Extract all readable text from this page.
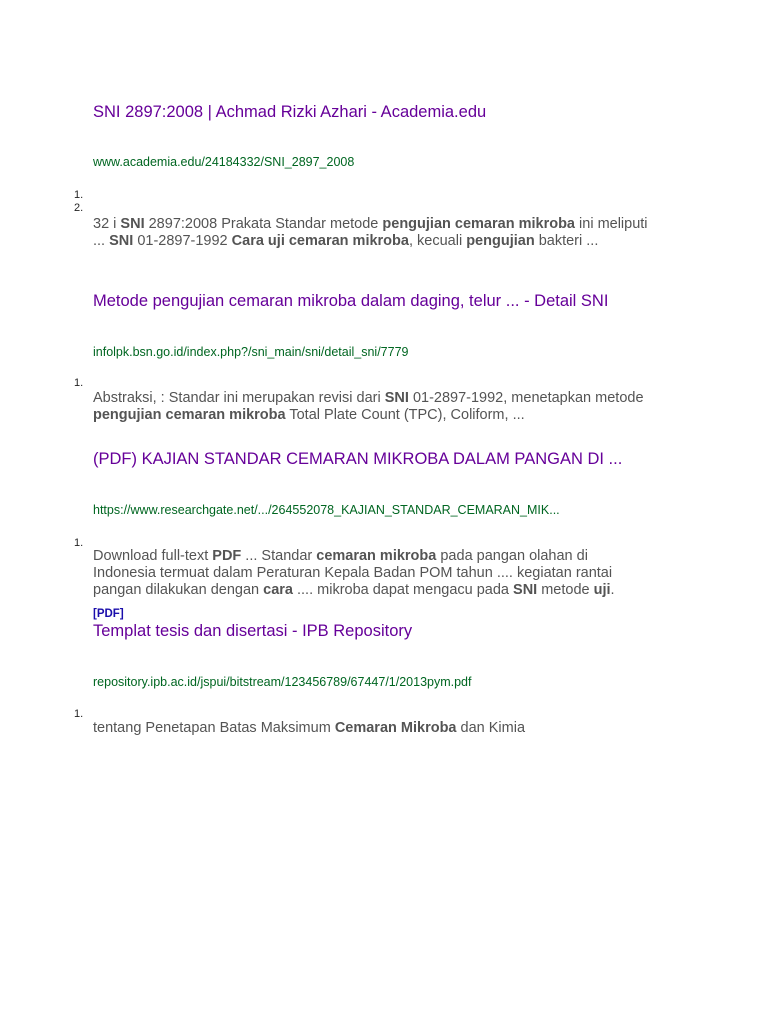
SNI 2897:2008 | Achmad Rizki Azhari - Academia.edu
www.academia.edu/24184332/SNI_2897_2008
1.
2.
32 i SNI 2897:2008 Prakata Standar metode pengujian cemaran mikroba ini meliputi ... SNI 01-2897-1992 Cara uji cemaran mikroba, kecuali pengujian bakteri ...
Metode pengujian cemaran mikroba dalam daging, telur ... - Detail SNI
infolpk.bsn.go.id/index.php?/sni_main/sni/detail_sni/7779
1.
Abstraksi, : Standar ini merupakan revisi dari SNI 01-2897-1992, menetapkan metode pengujian cemaran mikroba Total Plate Count (TPC), Coliform, ...
(PDF) KAJIAN STANDAR CEMARAN MIKROBA DALAM PANGAN DI ...
https://www.researchgate.net/.../264552078_KAJIAN_STANDAR_CEMARAN_MIK...
1.
Download full-text PDF ... Standar cemaran mikroba pada pangan olahan di Indonesia termuat dalam Peraturan Kepala Badan POM tahun .... kegiatan rantai pangan dilakukan dengan cara .... mikroba dapat mengacu pada SNI metode uji.
[PDF]
Templat tesis dan disertasi - IPB Repository
repository.ipb.ac.id/jspui/bitstream/123456789/67447/1/2013pym.pdf
1.
tentang Penetapan Batas Maksimum Cemaran Mikroba dan Kimia
